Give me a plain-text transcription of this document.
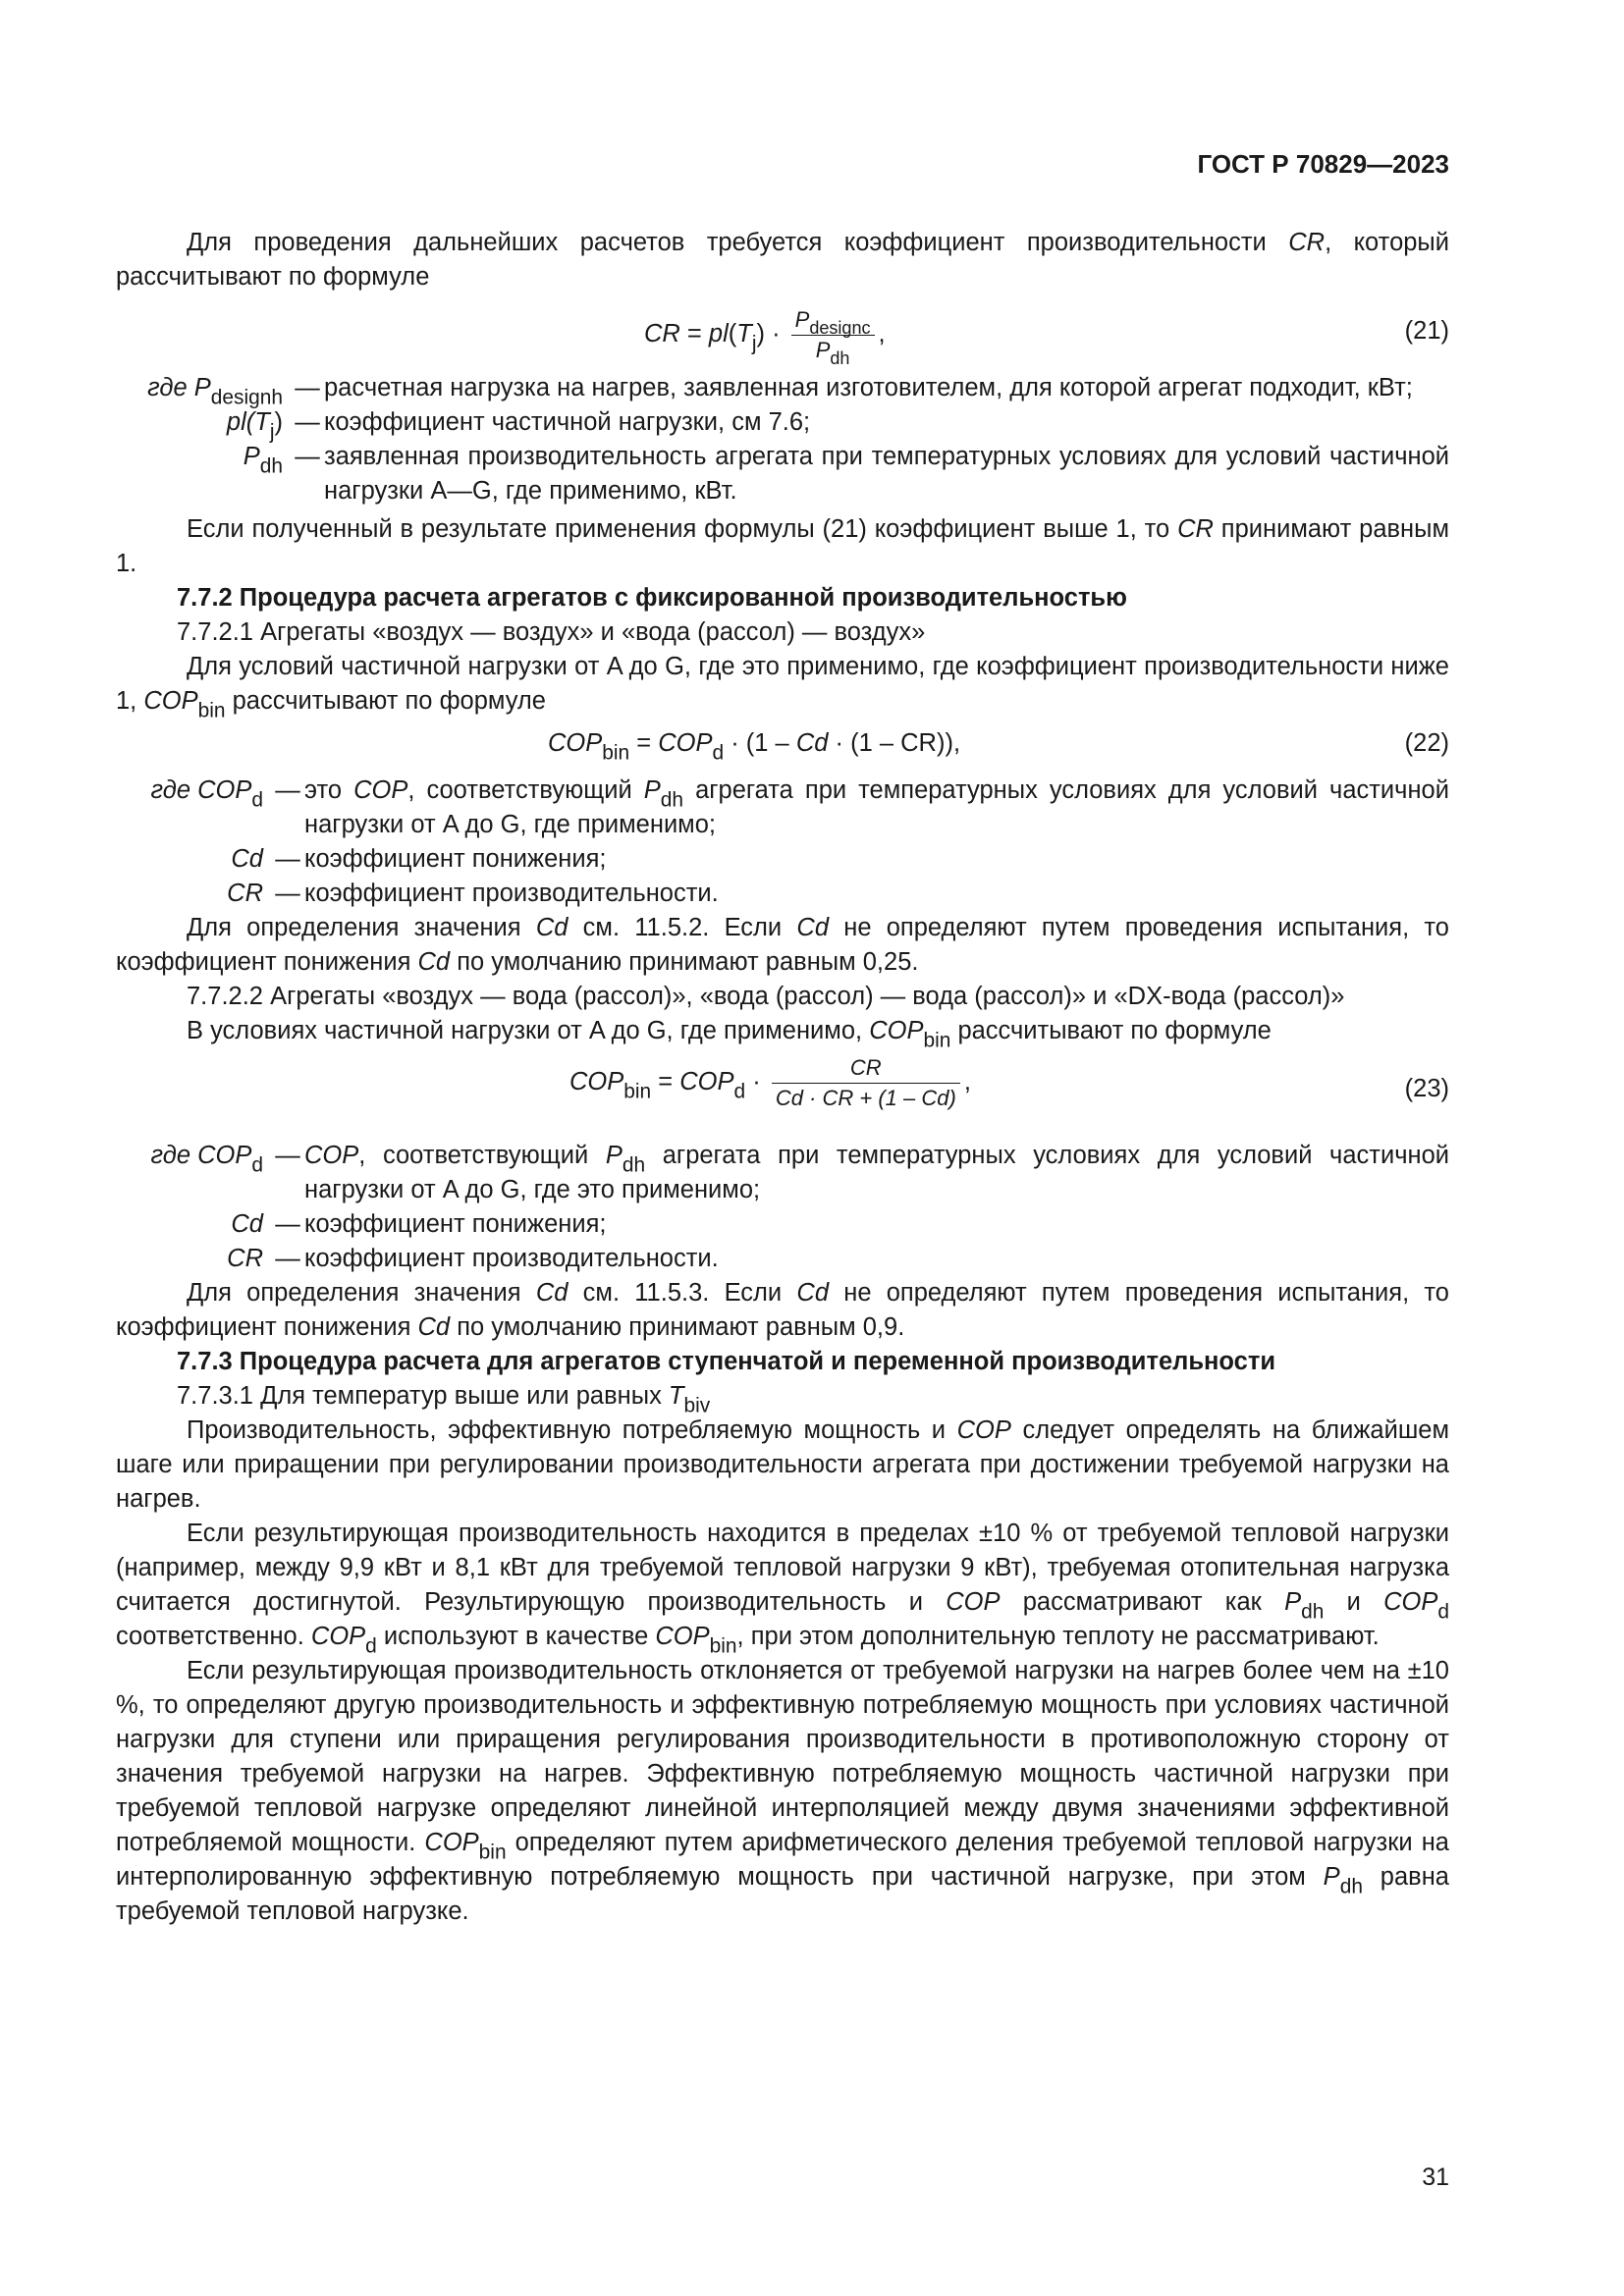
ГОСТ Р 70829—2023

Для проведения дальнейших расчетов требуется коэффициент производительности CR, который рассчитывают по формуле

CR = $pl(T_j) \cdot \frac{P_{designc}}{P_{dh}}$ ,	(21)
где $P_{designh}$ — расчетная нагрузка на нагрев, заявленная изготовителем, для которой агрегат подходит, кВт;
$pl(T_j)$ — коэффициент частичной нагрузки, см 7.6;
$P_{dh}$ — заявленная производительность агрегата при температурных условиях для условий частичной нагрузки A—G, где применимо, кВт.

Если полученный в результате применения формулы (21) коэффициент выше 1, то CR принимают равным 1.

7.7.2 Процедура расчета агрегатов с фиксированной производительностью

7.7.2.1 Агрегаты «воздух — воздух» и «вода (рассол) — воздух»

Для условий частичной нагрузки от A до G, где это применимо, где коэффициент производительности ниже 1, $COP_{bin}$ рассчитывают по формуле

$COP_{bin} = COP_d \cdot (1 - Cd \cdot (1 - CR))$,	(22)
где $COP_d$ — это COP, соответствующий $P_{dh}$ агрегата при температурных условиях для условий частичной нагрузки от A до G, где применимо;
Cd — коэффициент понижения;
CR — коэффициент производительности.

Для определения значения Cd см. 11.5.2. Если Cd не определяют путем проведения испытания, то коэффициент понижения Cd по умолчанию принимают равным 0,25.

7.7.2.2 Агрегаты «воздух — вода (рассол)», «вода (рассол) — вода (рассол)» и «DX-вода (рассол)»

В условиях частичной нагрузки от A до G, где применимо, $COP_{bin}$ рассчитывают по формуле

$COP_{bin} = COP_d \cdot \frac{CR}{Cd \cdot CR + (1 - Cd)}$ ,	(23)
где $COP_d$ — COP, соответствующий $P_{dh}$ агрегата при температурных условиях для условий частичной нагрузки от A до G, где это применимо;
Cd — коэффициент понижения;
CR — коэффициент производительности.

Для определения значения Cd см. 11.5.3. Если Cd не определяют путем проведения испытания, то коэффициент понижения Cd по умолчанию принимают равным 0,9.

7.7.3 Процедура расчета для агрегатов ступенчатой и переменной производительности

7.7.3.1 Для температур выше или равных $T_{biv}$

Производительность, эффективную потребляемую мощность и COP следует определять на ближайшем шаге или приращении при регулировании производительности агрегата при достижении требуемой нагрузки на нагрев.

Если результирующая производительность находится в пределах ±10 % от требуемой тепловой нагрузки (например, между 9,9 кВт и 8,1 кВт для требуемой тепловой нагрузки 9 кВт), требуемая отопительная нагрузка считается достигнутой. Результирующую производительность и COP рассматривают как $P_{dh}$ и $COP_d$ соответственно. $COP_d$ используют в качестве $COP_{bin}$, при этом дополнительную теплоту не рассматривают.

Если результирующая производительность отклоняется от требуемой нагрузки на нагрев более чем на ±10 %, то определяют другую производительность и эффективную потребляемую мощность при условиях частичной нагрузки для ступени или приращения регулирования производительности в противоположную сторону от значения требуемой нагрузки на нагрев. Эффективную потребляемую мощность частичной нагрузки при требуемой тепловой нагрузке определяют линейной интерполяцией между двумя значениями эффективной потребляемой мощности. $COP_{bin}$ определяют путем арифметического деления требуемой тепловой нагрузки на интерполированную эффективную потребляемую мощность при частичной нагрузке, при этом $P_{dh}$ равна требуемой тепловой нагрузке.

31
